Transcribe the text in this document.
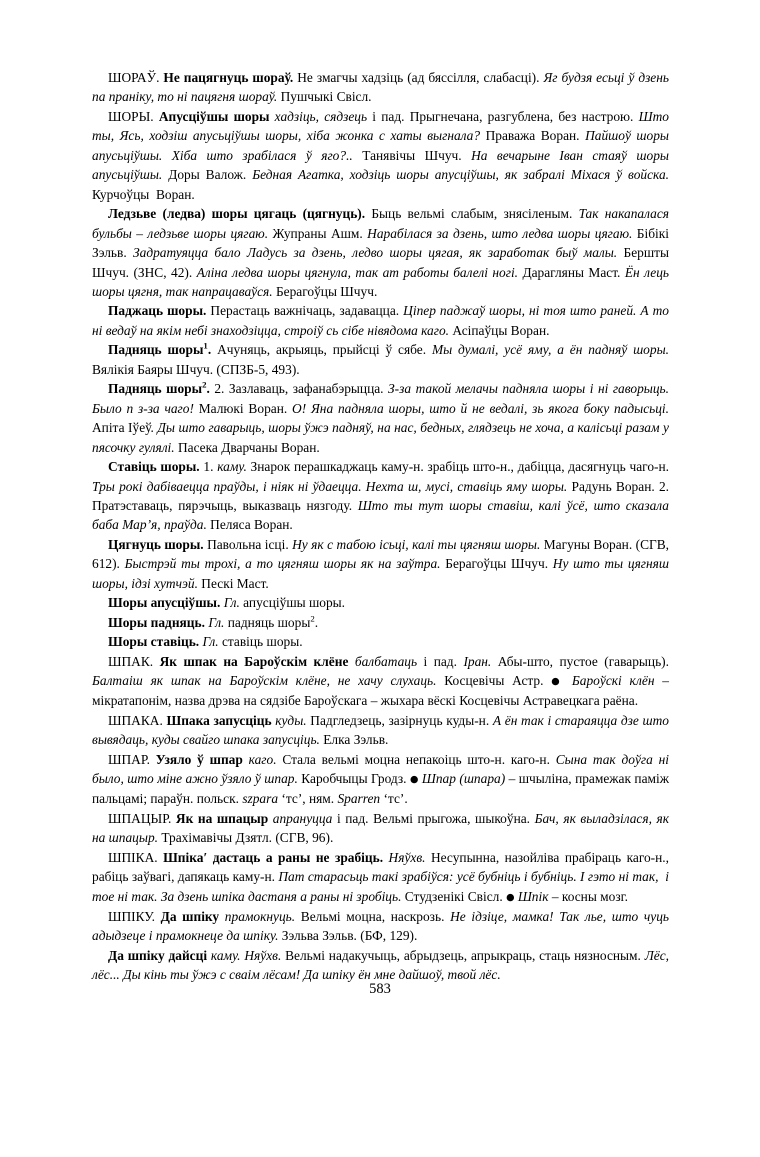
ШОРАЎ. Не пацягнуць шораў. Не змагчы хадзіць (ад бяссілля, слабасці). Яг будзя есьці ў дзень па праніку, то ні пацягня шораў. Пушчыкі Свісл.

ШОРЫ. Апусціўшы шоры хадзіць, сядзець і пад. Прыгнечана, разгублена, без настрою. Што ты, Ясь, ходзіш апусьціўшы шоры, хіба жонка с хаты выгнала? Праважа Воран. Пайшоў шоры апусьціўшы. Хіба што зрабілася ў яго?.. Танявічы Шчуч. На вечарыне Іван стаяў шоры апусьціўшы. Доры Валож. Бедная Агатка, ходзіць шоры апусціўшы, як забралі Міхася ў войска. Курчоўцы  Воран.

Ледзьве (ледва) шоры цягаць (цягнуць). Быць вельмі слабым, знясіленым. Так накапалася бульбы – ледзьве шоры цягаю. Жупраны Ашм. Нарабілася за дзень, што ледва шоры цягаю. Бібікі Зэльв. Задратуяцца бало Ладусь за дзень, ледво шоры цягая, як заработак быў малы. Бершты Шчуч. (ЗНС, 42). Аліна ледва шоры цягнула, так ат работы балелі ногі. Дарагляны Маст. Ён лець шоры цягня, так напрацаваўся. Берагоўцы Шчуч.

Паджаць шоры. Перастаць важнічаць, задавацца. Ціпер паджаў шоры, ні тоя што раней. А то ні ведаў на якім небі знаходзіцца, строіў сь сібе нівядома каго. Асіпаўцы Воран.

Падняць шоры$^1$. Ачуняць, акрыяць, прыйсці ў сябе. Мы думалі, усё яму, а ён падняў шоры. Вялікія Баяры Шчуч. (СПЗБ-5, 493).

Падняць шоры$^2$. 2. Зазлаваць, зафанабэрыцца. З-за такой мелачы падняла шоры і ні гаворыць. Было п з-за чаго! Малюкі Воран. О! Яна падняла шоры, што й не ведалі, зь якога боку падысьці. Апіта Іўеў. Ды што гаварыць, шоры ўжэ падняў, на нас, бедных, глядзець не хоча, а калісьці разам у пясочку гулялі. Пасека Дварчаны Воран.

Ставіць шоры. 1. каму. Знарок перашкаджаць каму-н. зрабіць што-н., дабіцца, дасягнуць чаго-н. Тры рокі дабіваецца праўды, і ніяк ні ўдаецца. Нехта ш, мусі, ставіць яму шоры. Радунь Воран. 2. Пратэставаць, пярэчыць, выказваць нязгоду. Што ты тут шоры ставіш, калі ўсё, што сказала баба Мар’я, праўда. Пеляса Воран.

Цягнуць шоры. Павольна ісці. Ну як с табою ісьці, калі ты цягняш шоры. Магуны Воран. (СГВ, 612). Быстрэй ты трохі, а то цягняш шоры як на заўтра. Берагоўцы Шчуч. Ну што ты цягняш шоры, ідзі хутчэй. Пескі Маст.

Шоры апусціўшы. Гл. апусціўшы шоры.

Шоры падняць. Гл. падняць шоры$^2$.

Шоры ставіць. Гл. ставіць шоры.

ШПАК. Як шпак на Бароўскім клёне балбатаць і пад. Іран. Абы-што, пустое (гаварыць). Балтаіш як шпак на Бароўскім клёне, не хачу слухаць. Косцевічы Астр. ● Бароўскі клён – мікратапонім, назва дрэва на сядзібе Бароўскага – жыхара вёскі Косцевічы Астравецкага раёна.

ШПАКА. Шпака запусціць куды. Падгледзець, зазірнуць куды-н. А ён так і стараяцца дзе што вывядаць, куды свайго шпака запусціць. Елка Зэльв.

ШПАР. Узяло ў шпар каго. Стала вельмі моцна непакоіць што-н. каго-н. Сына так доўга ні было, што міне ажно ўзяло ў шпар. Каробчыцы Гродз. ● Шпар (шпара) – шчыліна, прамежак паміж пальцамі; параўн. польск. szpara ‘тс’, ням. Sparren ‘тс’.

ШПАЦЫР. Як на шпацыр апранyцца і пад. Вельмі прыгожа, шыкоўна. Бач, як выладзілася, як на шпацыр. Трахімавічы Дзятл. (СГВ, 96).

ШПІКА. Шпіка′ дастаць а раны не зрабіць. Няўхв. Несупынна, назойліва прабіраць каго-н., рабіць заўвагі, дапякаць каму-н. Пат старасьць такі зрабіўся: усё бубніць і бубніць. І гэто ні так,  і тое ні так. За дзень шпіка дастаня а раны ні зробіць. Студзенікі Свісл. ● Шпік – косны мозг.

ШПІКУ. Да шпіку прамокнуць. Вельмі моцна, наскрозь. Не ідзіце, мамка! Так лье, што чуць адыдзеце і прамокнеце да шпіку. Зэльва Зэльв. (БФ, 129).

Да шпіку дайсці каму. Няўхв. Вельмі надакучыць, абрыдзець, апрыкраць, стаць нязносным. Лёс, лёс... Ды кінь ты ўжэ с сваім лёсам! Да шпіку ён мне дайшоў, твой лёс.

583
